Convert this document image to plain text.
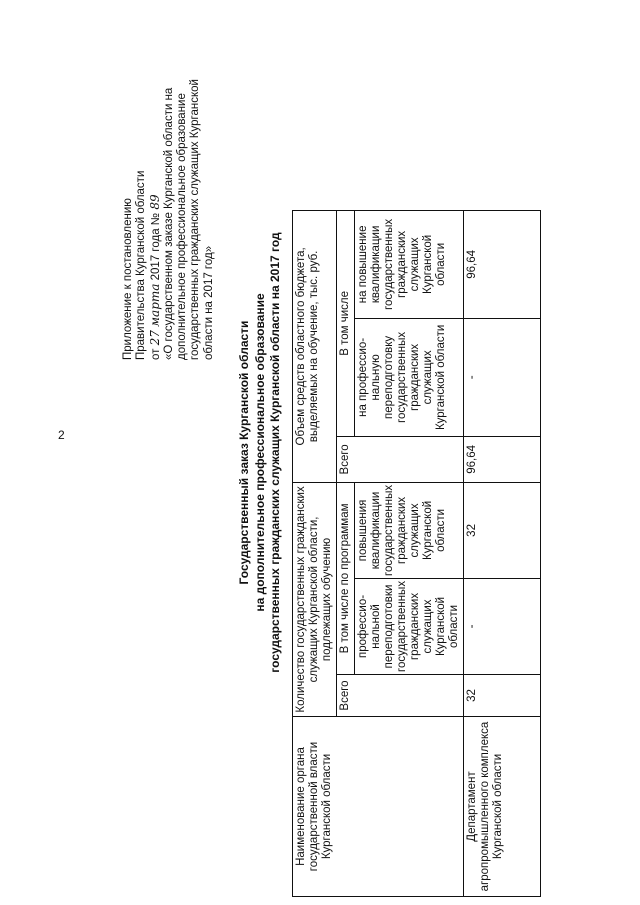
2
Приложение к постановлению Правительства Курганской области от 27 марта 2017 года № 89 «О государственном заказе Курганской области на дополнительное профессиональное образование государственных гражданских служащих Курганской области на 2017 год»
Государственный заказ Курганской области на дополнительное профессиональное образование государственных гражданских служащих Курганской области на 2017 год
Наименование органа государственной власти Курганской области	Количество государственных гражданских служащих Курганской области, подлежащих обучению			Объем средств областного бюджета, выделяемых на обучение, тыс. руб.		
	Всего	В том числе по программам		Всего	В том числе	
		профессио-нальной переподготовки государственных гражданских служащих Курганской области	повышения квалификации государственных гражданских служащих Курганской области		на профессио-нальную переподготовку государственных гражданских служащих Курганской области	на повышение квалификации государственных гражданских служащих Курганской области
Департамент агропромышленного комплекса Курганской области	32	-	32	96,64	-	96,64
